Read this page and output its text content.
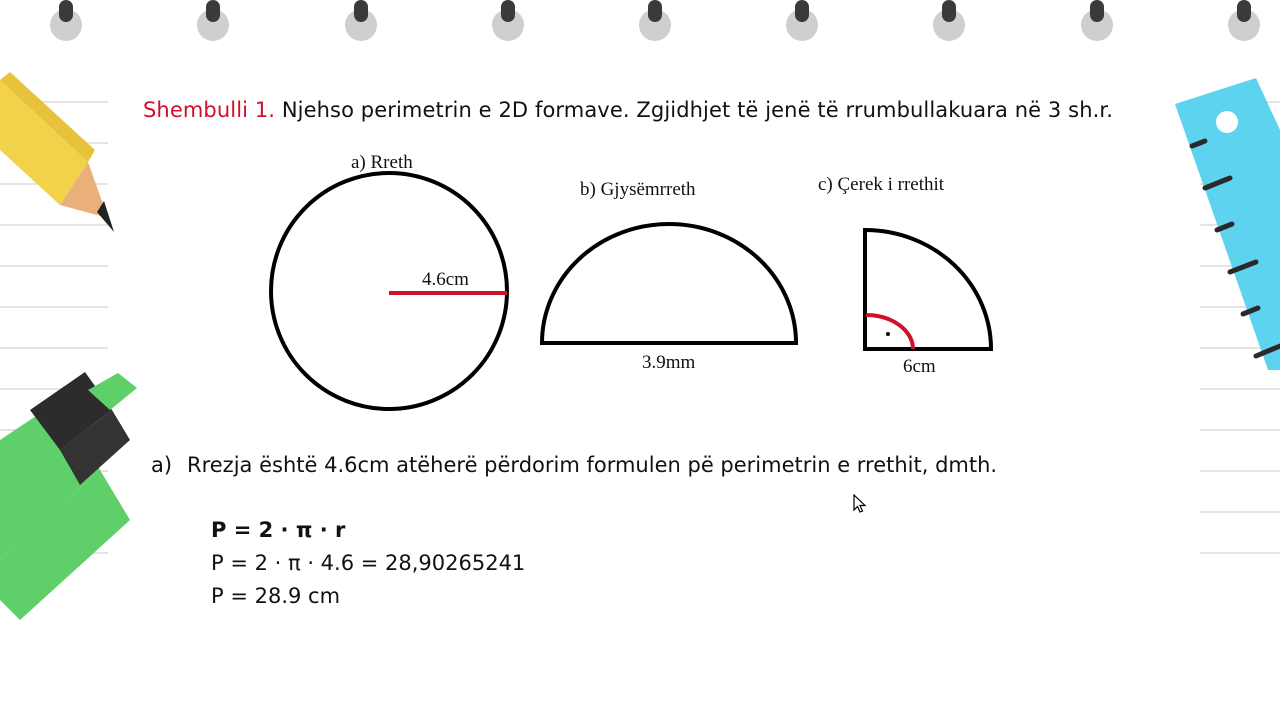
Shembulli 1. Njehso perimetrin e 2D formave. Zgjidhjet të jenë të rrumbullakuara në 3 sh.r.
a) Rreth
4.6cm
b) Gjysëmrreth
3.9mm
c) Çerek i rrethit
6cm
a) Rrezja është 4.6cm atëherë përdorim formulen pë perimetrin e rrethit, dmth.
P = 2 · π · r
P = 2 · π · 4.6 = 28,90265241
P = 28.9 cm
